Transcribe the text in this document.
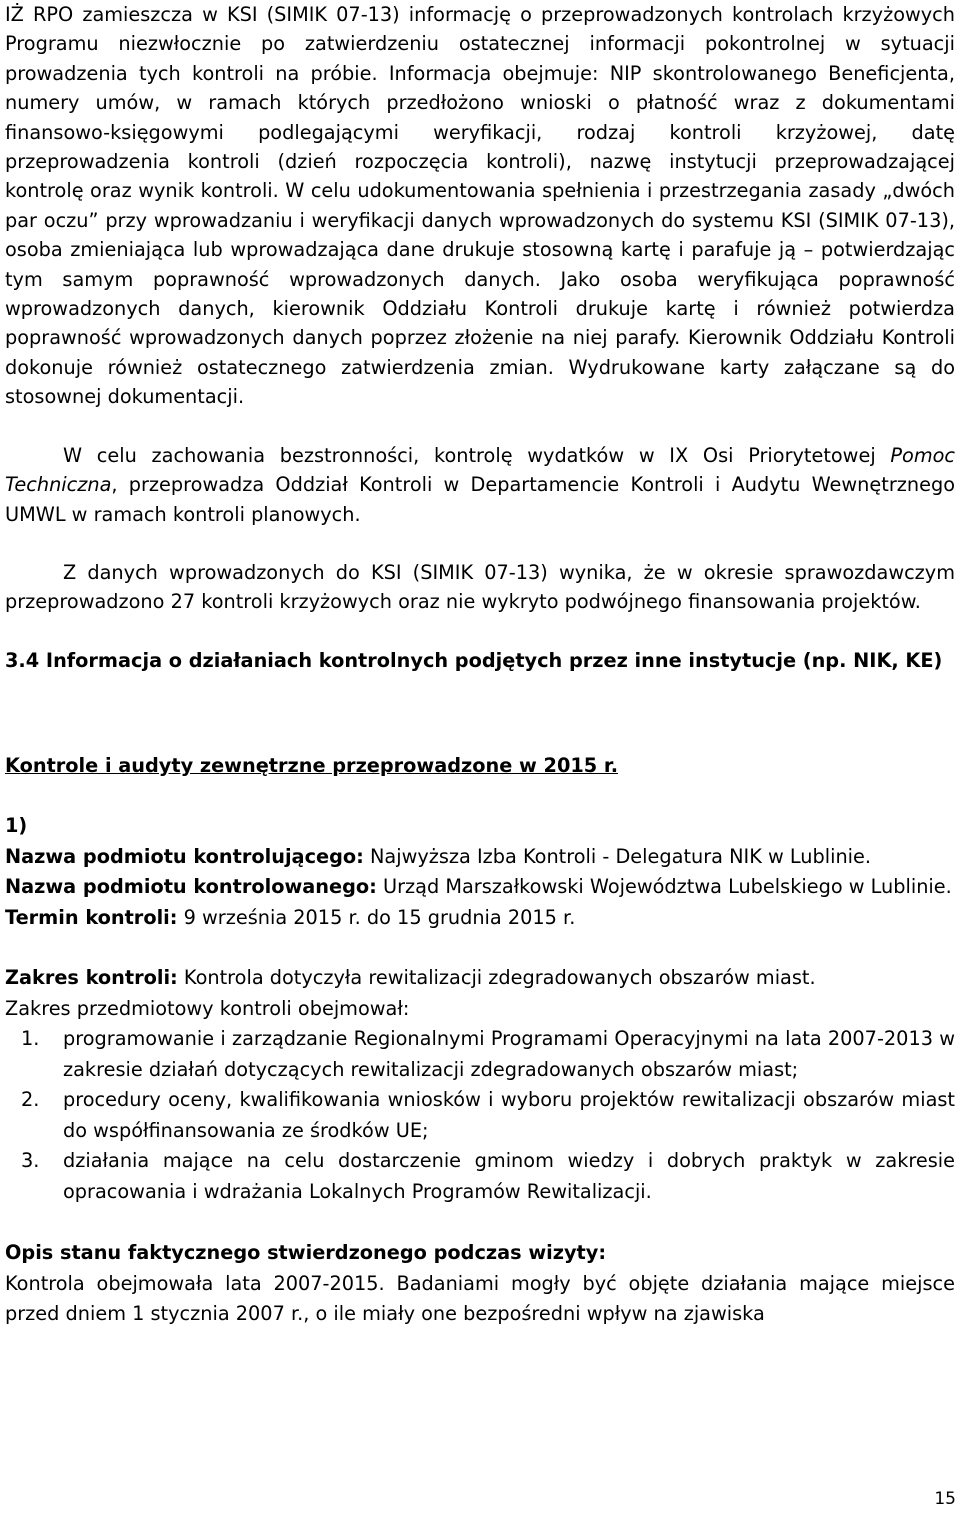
IŻ RPO zamieszcza w KSI (SIMIK 07-13) informację o przeprowadzonych kontrolach krzyżowych Programu niezwłocznie po zatwierdzeniu ostatecznej informacji pokontrolnej w sytuacji prowadzenia tych kontroli na próbie. Informacja obejmuje: NIP skontrolowanego Beneficjenta, numery umów, w ramach których przedłożono wnioski o płatność wraz z dokumentami finansowo-księgowymi podlegającymi weryfikacji, rodzaj kontroli krzyżowej, datę przeprowadzenia kontroli (dzień rozpoczęcia kontroli), nazwę instytucji przeprowadzającej kontrolę oraz wynik kontroli. W celu udokumentowania spełnienia i przestrzegania zasady „dwóch par oczu” przy wprowadzaniu i weryfikacji danych wprowadzonych do systemu KSI (SIMIK 07-13), osoba zmieniająca lub wprowadzająca dane drukuje stosowną kartę i parafuje ją – potwierdzając tym samym poprawność wprowadzonych danych. Jako osoba weryfikująca poprawność wprowadzonych danych, kierownik Oddziału Kontroli drukuje kartę i również potwierdza poprawność wprowadzonych danych poprzez złożenie na niej parafy. Kierownik Oddziału Kontroli dokonuje również ostatecznego zatwierdzenia zmian. Wydrukowane karty załączane są do stosownej dokumentacji.

W celu zachowania bezstronności, kontrolę wydatków w IX Osi Priorytetowej Pomoc Techniczna, przeprowadza Oddział Kontroli w Departamencie Kontroli i Audytu Wewnętrznego UMWL w ramach kontroli planowych.

Z danych wprowadzonych do KSI (SIMIK 07-13) wynika, że w okresie sprawozdawczym przeprowadzono 27 kontroli krzyżowych oraz nie wykryto podwójnego finansowania projektów.

3.4 Informacja o działaniach kontrolnych podjętych przez inne instytucje (np. NIK, KE)

Kontrole i audyty zewnętrzne przeprowadzone w 2015 r.

1)

Nazwa podmiotu kontrolującego: Najwyższa Izba Kontroli - Delegatura NIK w Lublinie.

Nazwa podmiotu kontrolowanego: Urząd Marszałkowski Województwa Lubelskiego w Lublinie.

Termin kontroli: 9 września 2015 r. do 15 grudnia 2015 r.

Zakres kontroli: Kontrola dotyczyła rewitalizacji zdegradowanych obszarów miast.

Zakres przedmiotowy kontroli obejmował:

1. programowanie i zarządzanie Regionalnymi Programami Operacyjnymi na lata 2007-2013 w zakresie działań dotyczących rewitalizacji zdegradowanych obszarów miast;
2. procedury oceny, kwalifikowania wniosków i wyboru projektów rewitalizacji obszarów miast do współfinansowania ze środków UE;
3. działania mające na celu dostarczenie gminom wiedzy i dobrych praktyk w zakresie opracowania i wdrażania Lokalnych Programów Rewitalizacji.

Opis stanu faktycznego stwierdzonego podczas wizyty:

Kontrola obejmowała lata 2007-2015. Badaniami mogły być objęte działania mające miejsce przed dniem 1 stycznia 2007 r., o ile miały one bezpośredni wpływ na zjawiska

15
